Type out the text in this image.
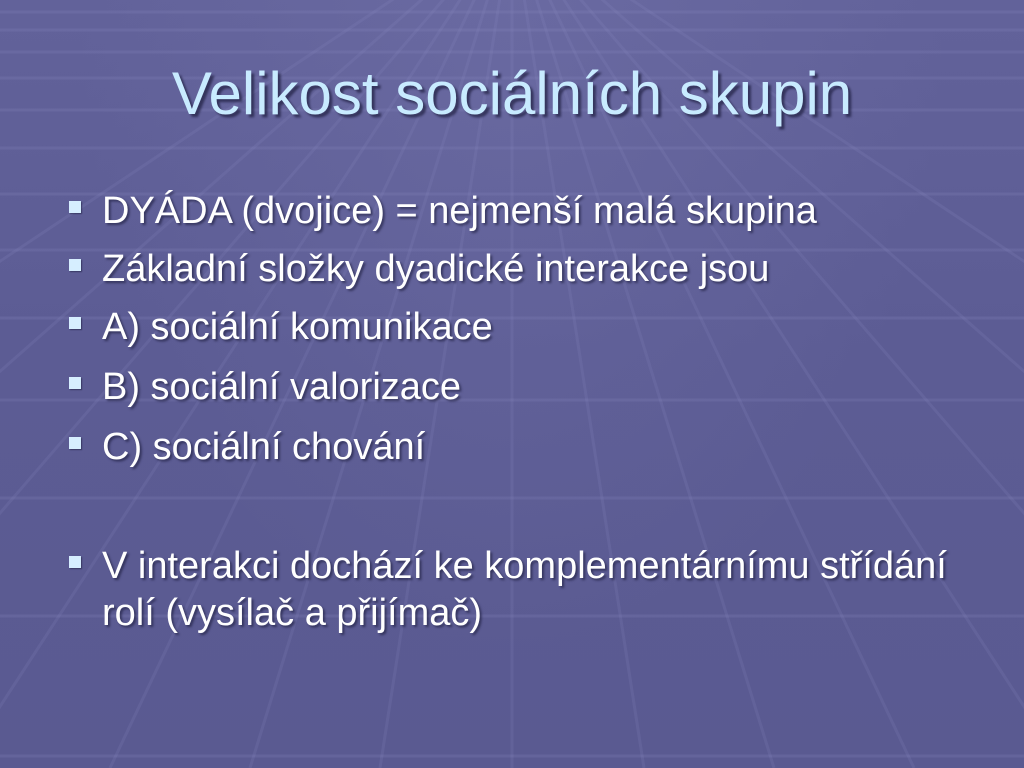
Velikost sociálních skupin
DYÁDA (dvojice) = nejmenší malá skupina
Základní složky dyadické interakce jsou
A) sociální komunikace
B) sociální valorizace
C) sociální chování
V interakci dochází ke komplementárnímu střídání rolí (vysílač a přijímač)
